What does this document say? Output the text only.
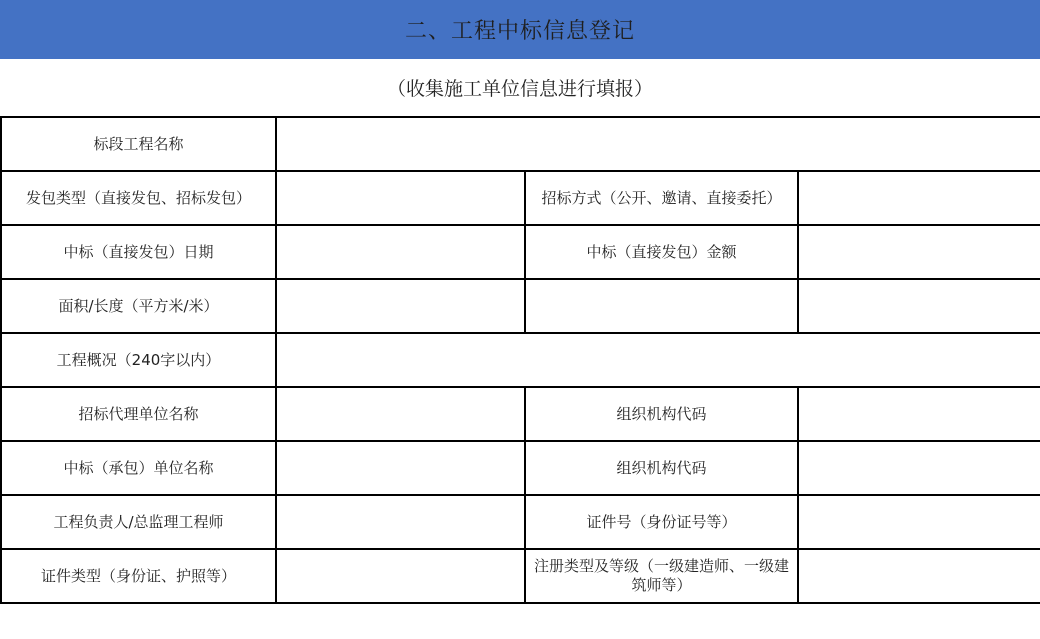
二、工程中标信息登记
（收集施工单位信息进行填报）
标段工程名称			
发包类型（直接发包、招标发包）		招标方式（公开、邀请、直接委托）	
中标（直接发包）日期		中标（直接发包）金额	
面积/长度（平方米/米）			
工程概况（240字以内）			
招标代理单位名称		组织机构代码	
中标（承包）单位名称		组织机构代码	
工程负责人/总监理工程师		证件号（身份证号等）	
证件类型（身份证、护照等）		注册类型及等级（一级建造师、一级建筑师等）	
